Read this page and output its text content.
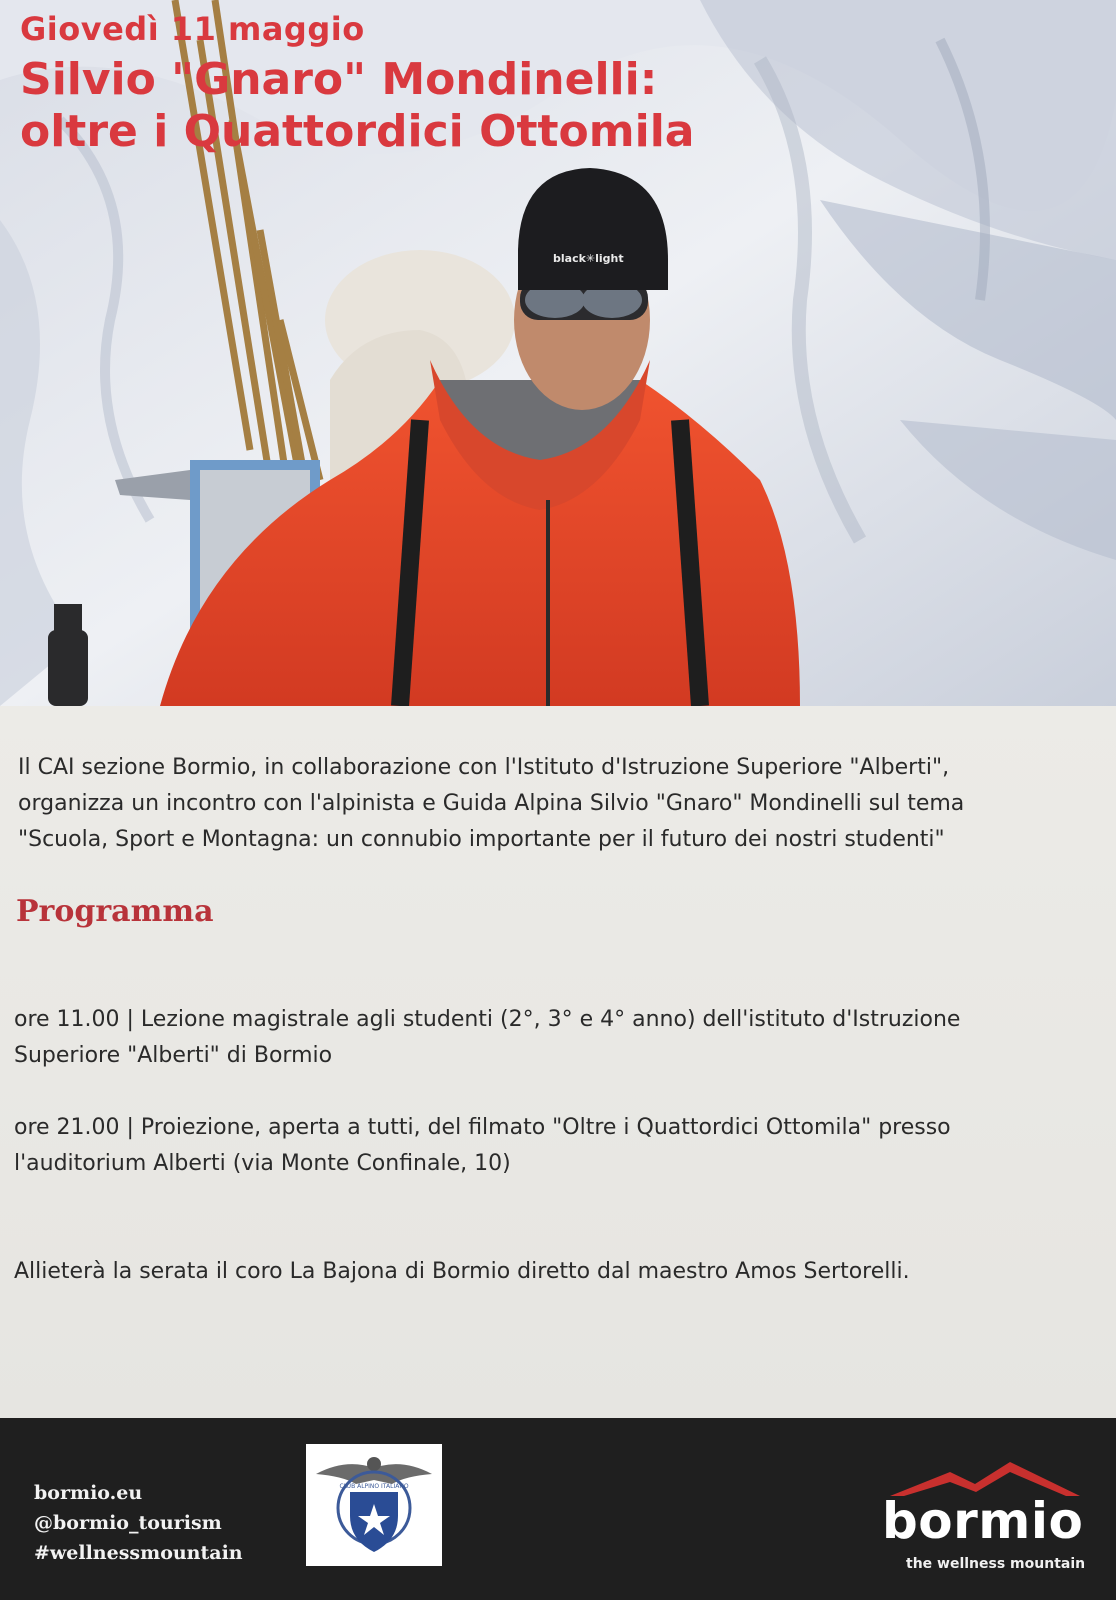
black✳light
Giovedì 11 maggio
Silvio "Gnaro" Mondinelli:
oltre i Quattordici Ottomila
Il CAI sezione Bormio, in collaborazione con l'Istituto d'Istruzione Superiore "Alberti",
organizza un incontro con l'alpinista e Guida Alpina Silvio "Gnaro" Mondinelli sul tema
"Scuola, Sport e Montagna: un connubio importante per il futuro dei nostri studenti"
Programma
ore 11.00 | Lezione magistrale agli studenti (2°, 3° e 4° anno) dell'istituto d'Istruzione
Superiore "Alberti" di Bormio
ore 21.00 | Proiezione, aperta a tutti, del filmato "Oltre i Quattordici Ottomila" presso
l'auditorium Alberti (via Monte Confinale, 10)
Allieterà la serata il coro La Bajona di Bormio diretto dal maestro Amos Sertorelli.
bormio.eu
@bormio_tourism
#wellnessmountain
CLUB ALPINO ITALIANO
bormio
the wellness mountain
